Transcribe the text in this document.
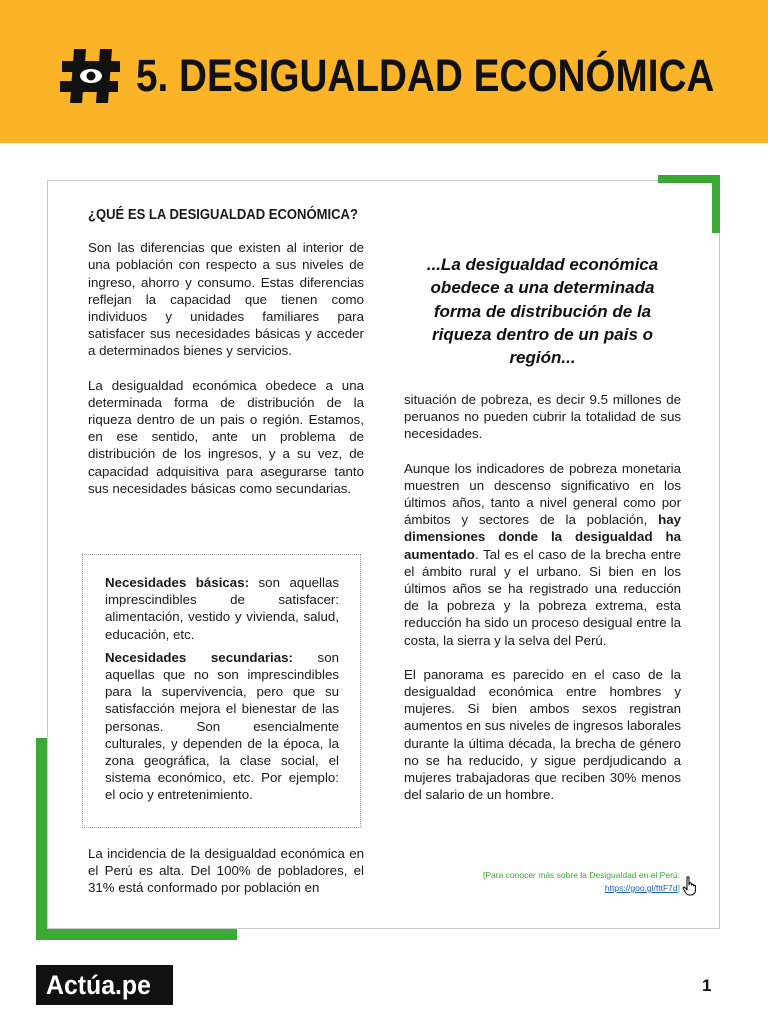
5. DESIGUALDAD ECONÓMICA
¿QUÉ ES LA DESIGUALDAD ECONÓMICA?

Son las diferencias que existen al interior de una población con respecto a sus niveles de ingreso, ahorro y consumo. Estas diferencias reflejan la capacidad que tienen como individuos y unidades familiares para satisfacer sus necesidades básicas y acceder a determinados bienes y servicios.

La desigualdad económica obedece a una determinada forma de distribución de la riqueza dentro de un pais o región. Estamos, en ese sentido, ante un problema de distribución de los ingresos, y a su vez, de capacidad adquisitiva para asegurarse tanto sus necesidades básicas como secundarias.

Necesidades básicas: son aquellas imprescindibles de satisfacer: alimentación, vestido y vivienda, salud, educación, etc.

Necesidades secundarias: son aquellas que no son imprescindibles para la supervivencia, pero que su satisfacción mejora el bienestar de las personas. Son esencialmente culturales, y dependen de la época, la zona geográfica, la clase social, el sistema económico, etc. Por ejemplo: el ocio y entretenimiento.

La incidencia de la desigualdad económica en el Perú es alta. Del 100% de pobladores, el 31% está conformado por población en

...La desigualdad económica obedece a una determinada forma de distribución de la riqueza dentro de un pais o región...

situación de pobreza, es decir 9.5 millones de peruanos no pueden cubrir la totalidad de sus necesidades.

Aunque los indicadores de pobreza monetaria muestren un descenso significativo en los últimos años, tanto a nivel general como por ámbitos y sectores de la población, hay dimensiones donde la desigualdad ha aumentado. Tal es el caso de la brecha entre el ámbito rural y el urbano. Si bien en los últimos años se ha registrado una reducción de la pobreza y la pobreza extrema, esta reducción ha sido un proceso desigual entre la costa, la sierra y la selva del Perú.

El panorama es parecido en el caso de la desigualdad económica entre hombres y mujeres. Si bien ambos sexos registran aumentos en sus niveles de ingresos laborales durante la última década, la brecha de género no se ha reducido, y sigue perdjudicando a mujeres trabajadoras que reciben 30% menos del salario de un hombre.

[Para conocer más sobre la Desigualdad en el Perú:
https://goo.gl/fttF7d]
Actúa.pe	1
